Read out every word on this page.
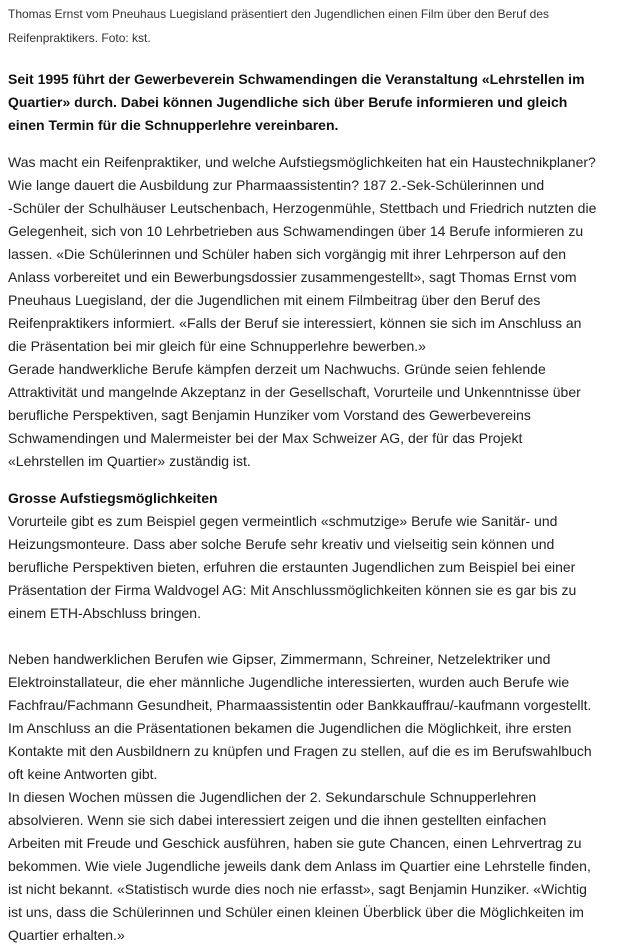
Thomas Ernst vom Pneuhaus Luegisland präsentiert den Jugendlichen einen Film über den Beruf des
Reifenpraktikers. Foto: kst.

Seit 1995 führt der Gewerbeverein Schwamendingen die Veranstaltung «Lehrstellen im
Quartier» durch. Dabei können Jugendliche sich über Berufe informieren und gleich
einen Termin für die Schnupperlehre vereinbaren.

Was macht ein Reifenpraktiker, und welche Aufstiegsmöglichkeiten hat ein Haustechnikplaner?
Wie lange dauert die Ausbildung zur Pharmaassistentin? 187 2.-Sek-Schülerinnen und
-Schüler der Schulhäuser Leutschenbach, Herzogenmühle, Stettbach und Friedrich nutzten die
Gelegenheit, sich von 10 Lehrbetrieben aus Schwamendingen über 14 Berufe informieren zu
lassen. «Die Schülerinnen und Schüler haben sich vorgängig mit ihrer Lehrperson auf den
Anlass vorbereitet und ein Bewerbungsdossier zusammengestellt», sagt Thomas Ernst vom
Pneuhaus Luegisland, der die Jugendlichen mit einem Filmbeitrag über den Beruf des
Reifenpraktikers informiert. «Falls der Beruf sie interessiert, können sie sich im Anschluss an
die Präsentation bei mir gleich für eine Schnupperlehre bewerben.»
Gerade handwerkliche Berufe kämpfen derzeit um Nachwuchs. Gründe seien fehlende
Attraktivität und mangelnde Akzeptanz in der Gesellschaft, Vorurteile und Unkenntnisse über
berufliche Perspektiven, sagt Benjamin Hunziker vom Vorstand des Gewerbevereins
Schwamendingen und Malermeister bei der Max Schweizer AG, der für das Projekt
«Lehrstellen im Quartier» zuständig ist.

Grosse Aufstiegsmöglichkeiten

Vorurteile gibt es zum Beispiel gegen vermeintlich «schmutzige» Berufe wie Sanitär- und
Heizungsmonteure. Dass aber solche Berufe sehr kreativ und vielseitig sein können und
berufliche Perspektiven bieten, erfuhren die erstaunten Jugendlichen zum Beispiel bei einer
Präsentation der Firma Waldvogel AG: Mit Anschlussmöglichkeiten können sie es gar bis zu
einem ETH-Abschluss bringen.

Neben handwerklichen Berufen wie Gipser, Zimmermann, Schreiner, Netzelektriker und
Elektroinstallateur, die eher männliche Jugendliche interessierten, wurden auch Berufe wie
Fachfrau/Fachmann Gesundheit, Pharmaassistentin oder Bankkauffrau/-kaufmann vorgestellt.
Im Anschluss an die Präsentationen bekamen die Jugendlichen die Möglichkeit, ihre ersten
Kontakte mit den Ausbildnern zu knüpfen und Fragen zu stellen, auf die es im Berufswahlbuch
oft keine Antworten gibt.
In diesen Wochen müssen die Jugendlichen der 2. Sekundarschule Schnupperlehren
absolvieren. Wenn sie sich dabei interessiert zeigen und die ihnen gestellten einfachen
Arbeiten mit Freude und Geschick ausführen, haben sie gute Chancen, einen Lehrvertrag zu
bekommen. Wie viele Jugendliche jeweils dank dem Anlass im Quartier eine Lehrstelle finden,
ist nicht bekannt. «Statistisch wurde dies noch nie erfasst», sagt Benjamin Hunziker. «Wichtig
ist uns, dass die Schülerinnen und Schüler einen kleinen Überblick über die Möglichkeiten im
Quartier erhalten.»
